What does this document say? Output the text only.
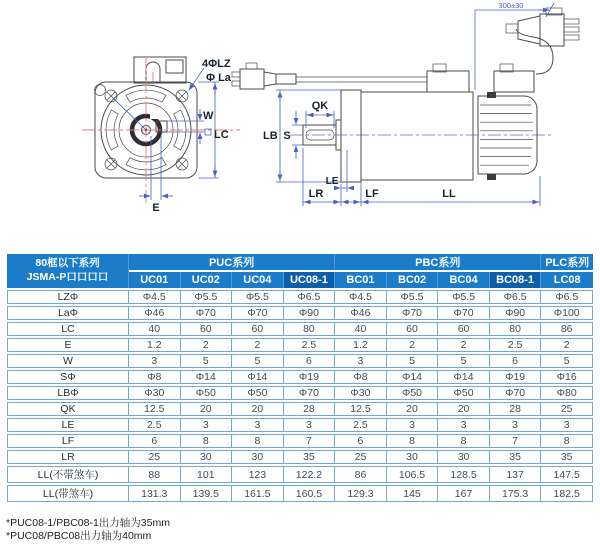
4ΦLZ
Φ La
W
LC
E
300±30
LB S
QK
LE
LR	LF	LL
80框以下系列
JSMA-P口口口口	PUC系列				PBC系列				PLC系列
	UC01	UC02	UC04	UC08-1	BC01	BC02	BC04	BC08-1	LC08
LZΦ	Φ4.5	Φ5.5	Φ5.5	Φ6.5	Φ4.5	Φ5.5	Φ5.5	Φ6.5	Φ6.5
LaΦ	Φ46	Φ70	Φ70	Φ90	Φ46	Φ70	Φ70	Φ90	Φ100
LC	40	60	60	80	40	60	60	80	86
E	1.2	2	2	2.5	1.2	2	2	2.5	2
W	3	5	5	6	3	5	5	6	5
SΦ	Φ8	Φ14	Φ14	Φ19	Φ8	Φ14	Φ14	Φ19	Φ16
LBΦ	Φ30	Φ50	Φ50	Φ70	Φ30	Φ50	Φ50	Φ70	Φ80
QK	12.5	20	20	28	12.5	20	20	28	25
LE	2.5	3	3	3	2.5	3	3	3	3
LF	6	8	8	7	6	8	8	7	8
LR	25	30	30	35	25	30	30	35	35
LL(不带煞车)	88	101	123	122.2	86	106.5	128.5	137	147.5
LL(带煞车)	131.3	139.5	161.5	160.5	129.3	145	167	175.3	182.5
*PUC08-1/PBC08-1出力轴为35mm
*PUC08/PBC08出力轴为40mm
